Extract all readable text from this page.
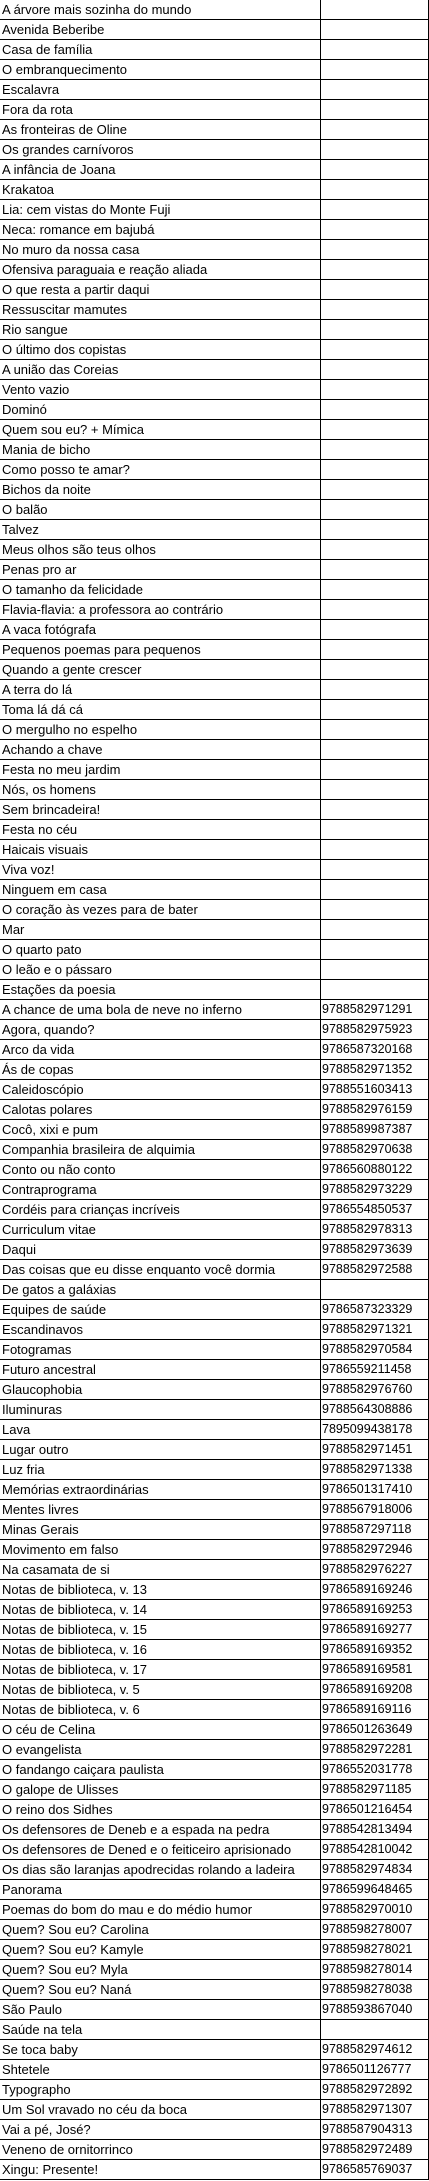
A árvore mais sozinha do mundo
Avenida Beberibe
Casa de família
O embranquecimento
Escalavra
Fora da rota
As fronteiras de Oline
Os grandes carnívoros
A infância de Joana
Krakatoa
Lia: cem vistas do Monte Fuji
Neca: romance em bajubá
No muro da nossa casa
Ofensiva paraguaia e reação aliada
O que resta a partir daqui
Ressuscitar mamutes
Rio sangue
O último dos copistas
A união das Coreias
Vento vazio
Dominó
Quem sou eu? + Mímica
Mania de bicho
Como posso te amar?
Bichos da noite
O balão
Talvez
Meus olhos são teus olhos
Penas pro ar
O tamanho da felicidade
Flavia-flavia: a professora ao contrário
A vaca fotógrafa
Pequenos poemas para pequenos
Quando a gente crescer
A terra do lá
Toma lá dá cá
O mergulho no espelho
Achando a chave
Festa no meu jardim
Nós, os homens
Sem brincadeira!
Festa no céu
Haicais visuais
Viva voz!
Ninguem em casa
O coração às vezes para de bater
Mar
O quarto pato
O leão e o pássaro
Estações da poesia
A chance de uma bola de neve no inferno	9788582971291
Agora, quando?	9788582975923
Arco da vida	9786587320168
Ás de copas	9788582971352
Caleidoscópio	9788551603413
Calotas polares	9788582976159
Cocô, xixi e pum	9788589987387
Companhia brasileira de alquimia	9788582970638
Conto ou não conto	9786560880122
Contraprograma	9788582973229
Cordéis para crianças incríveis	9786554850537
Curriculum vitae	9788582978313
Daqui	9788582973639
Das coisas que eu disse enquanto você dormia	9788582972588
De gatos a galáxias
Equipes de saúde	9786587323329
Escandinavos	9788582971321
Fotogramas	9788582970584
Futuro ancestral	9786559211458
Glaucophobia	9788582976760
Iluminuras	9788564308886
Lava	7895099438178
Lugar outro	9788582971451
Luz fria	9788582971338
Memórias extraordinárias	9786501317410
Mentes livres	9788567918006
Minas Gerais	9788587297118
Movimento em falso	9788582972946
Na casamata de si	9788582976227
Notas de biblioteca, v. 13	9786589169246
Notas de biblioteca, v. 14	9786589169253
Notas de biblioteca, v. 15	9786589169277
Notas de biblioteca, v. 16	9786589169352
Notas de biblioteca, v. 17	9786589169581
Notas de biblioteca, v. 5	9786589169208
Notas de biblioteca, v. 6	9786589169116
O céu de Celina	9786501263649
O evangelista	9788582972281
O fandango caiçara paulista	9786552031778
O galope de Ulisses	9788582971185
O reino dos Sidhes	9786501216454
Os defensores de Deneb e a espada na pedra	9788542813494
Os defensores de Dened e o feiticeiro aprisionado	9788542810042
Os dias são laranjas apodrecidas rolando a ladeira	9788582974834
Panorama	9786599648465
Poemas do bom do mau e do médio humor	9788582970010
Quem? Sou eu? Carolina	9788598278007
Quem? Sou eu? Kamyle	9788598278021
Quem? Sou eu? Myla	9788598278014
Quem? Sou eu? Naná	9788598278038
São Paulo	9788593867040
Saúde na tela
Se toca baby	9788582974612
Shtetele	9786501126777
Typographo	9788582972892
Um Sol vravado no céu da boca	9788582971307
Vai a pé, José?	9788587904313
Veneno de ornitorrinco	9788582972489
Xingu: Presente!	9786585769037
